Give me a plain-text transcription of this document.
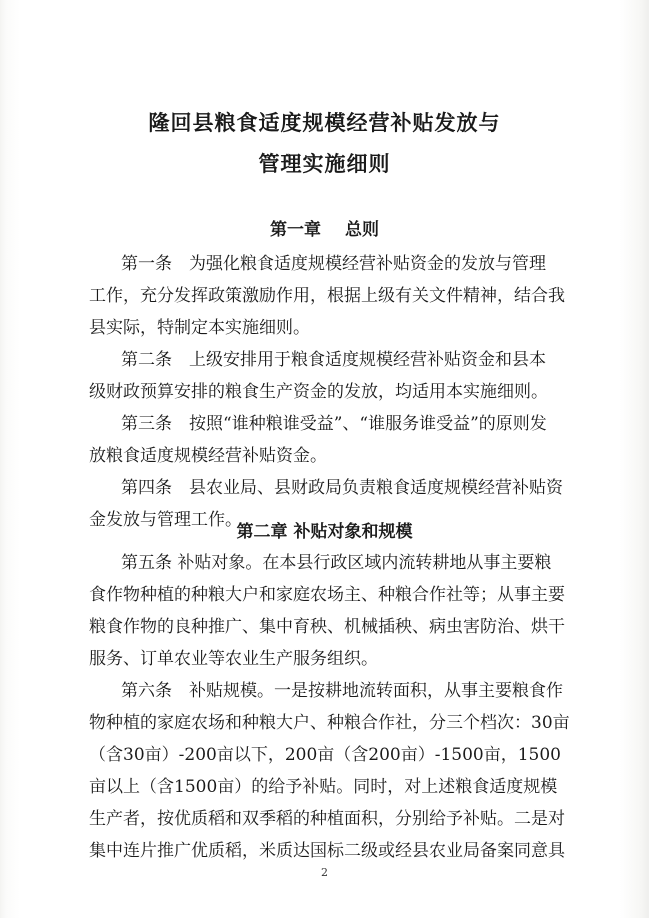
隆回县粮食适度规模经营补贴发放与
管理实施细则
第一章 总则
第一条　为强化粮食适度规模经营补贴资金的发放与管理
工作，充分发挥政策激励作用，根据上级有关文件精神，结合我
县实际，特制定本实施细则。
第二条　上级安排用于粮食适度规模经营补贴资金和县本
级财政预算安排的粮食生产资金的发放，均适用本实施细则。
第三条　按照“谁种粮谁受益”、“谁服务谁受益”的原则发
放粮食适度规模经营补贴资金。
第四条　县农业局、县财政局负责粮食适度规模经营补贴资
金发放与管理工作。
第二章 补贴对象和规模
第五条 补贴对象。在本县行政区域内流转耕地从事主要粮
食作物种植的种粮大户和家庭农场主、种粮合作社等；从事主要
粮食作物的良种推广、集中育秧、机械插秧、病虫害防治、烘干
服务、订单农业等农业生产服务组织。
第六条　补贴规模。一是按耕地流转面积，从事主要粮食作
物种植的家庭农场和种粮大户、种粮合作社，分三个档次：30亩
（含30亩）-200亩以下，200亩（含200亩）-1500亩，1500
亩以上（含1500亩）的给予补贴。同时，对上述粮食适度规模
生产者，按优质稻和双季稻的种植面积，分别给予补贴。二是对
集中连片推广优质稻，米质达国标二级或经县农业局备案同意具
2
